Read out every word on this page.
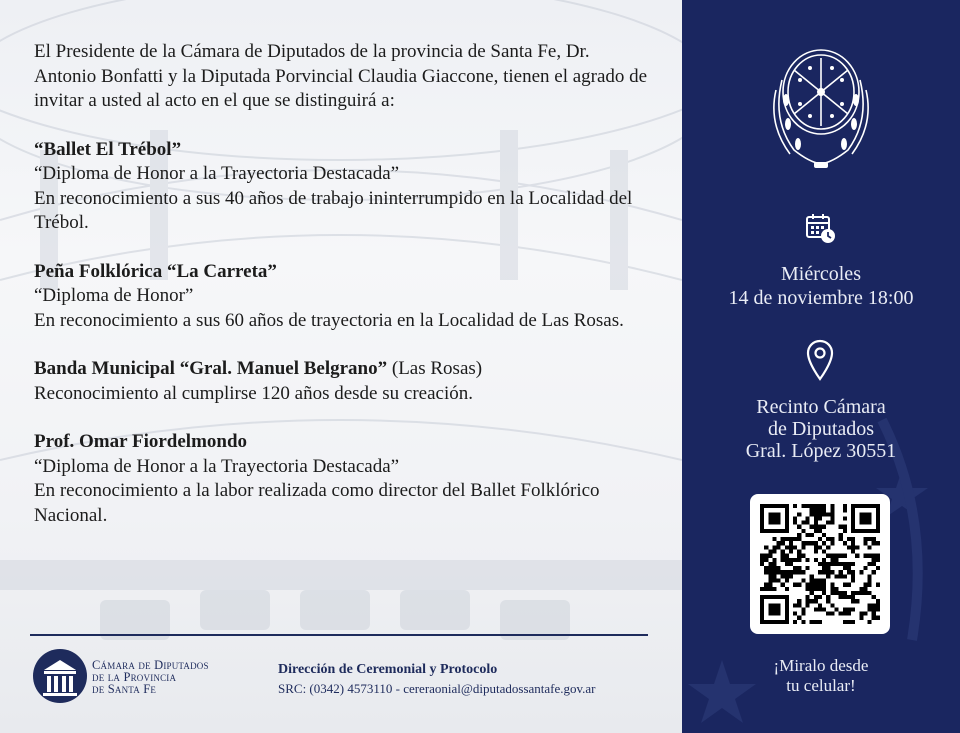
El Presidente de la Cámara de Diputados de la provincia de Santa Fe, Dr. Antonio Bonfatti y la Diputada Porvincial Claudia Giaccone, tienen el agrado de invitar a usted al acto en el que se distinguirá a:

“Ballet El Trébol”
“Diploma de Honor a la Trayectoria Destacada”
En reconocimiento a sus 40 años de trabajo ininterrumpido en la Localidad del Trébol.
Peña Folklórica “La Carreta”
“Diploma de Honor”
En reconocimiento a sus 60 años de trayectoria en la Localidad de Las Rosas.
Banda Municipal “Gral. Manuel Belgrano” (Las Rosas)
Reconocimiento al cumplirse 120 años desde su creación.
Prof. Omar Fiordelmondo
“Diploma de Honor a la Trayectoria Destacada”
En reconocimiento a la labor realizada como director del Ballet Folklórico Nacional.
Cámara de Diputados
de la Provincia
de Santa Fe
Dirección de Ceremonial y Protocolo
SRC: (0342) 4573110 - cereraonial@diputadossantafe.gov.ar
Miércoles
14 de noviembre 18:00
Recinto Cámara
de Diputados
Gral. López 30551
¡Miralo desde
tu celular!
